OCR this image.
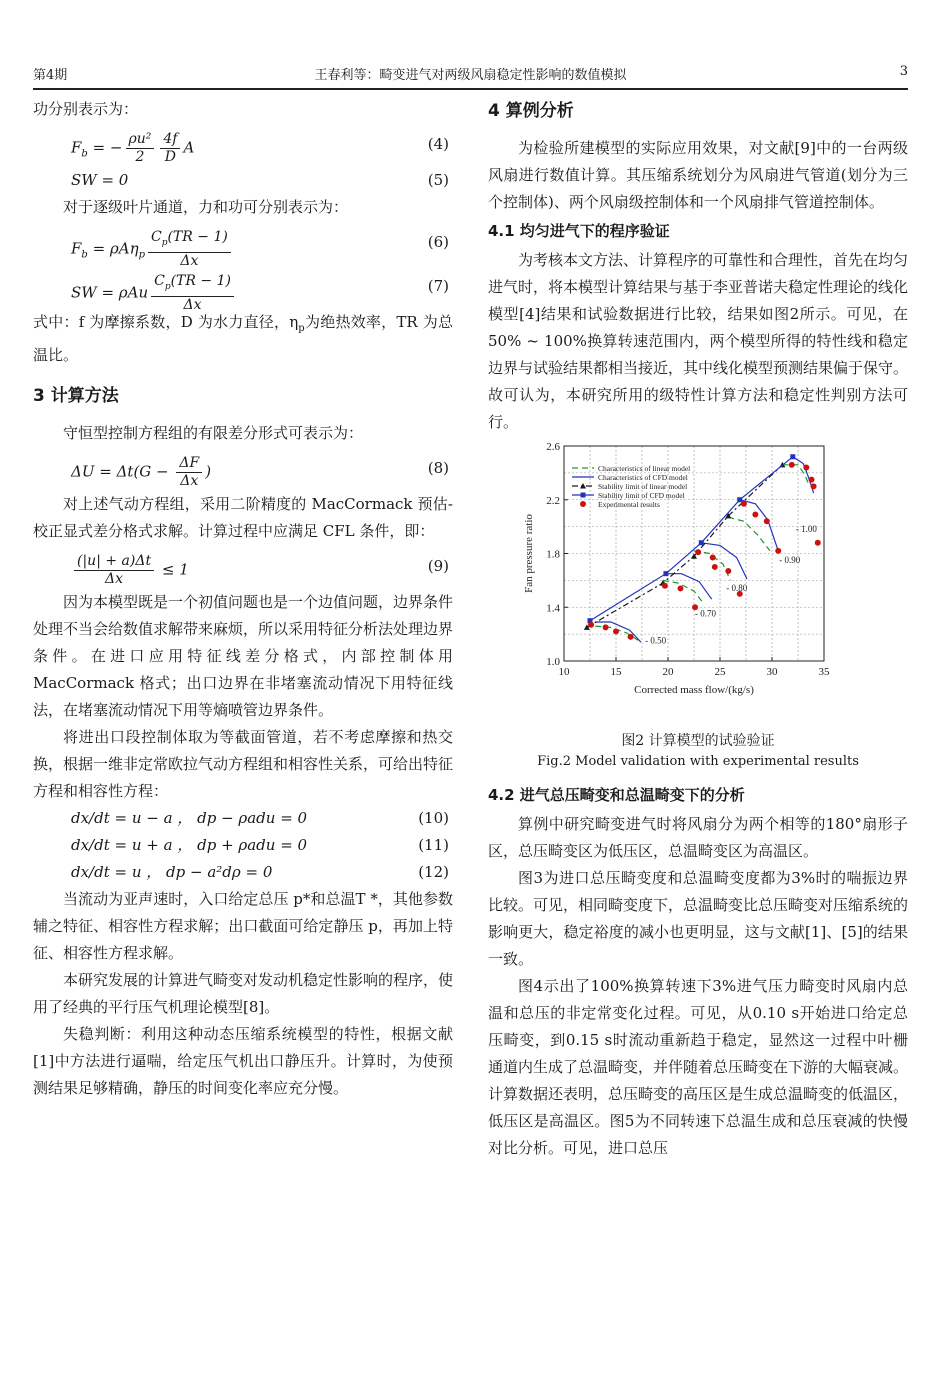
第4期	王春利等：畸变进气对两级风扇稳定性影响的数值模拟	3

功分别表示为：

$F_b$ = − $\frac{\text{ρu²}}{2} \frac{4f}{D}$ A	(4)
SW = 0	(5)

对于逐级叶片通道，力和功可分别表示为：

$F_b = \rho A\eta_p \frac{C_p(TR - 1)}{\Delta x}$	(6)
SW = ρAu $\frac{C_p(TR - 1)}{\Delta x}$	(7)

式中：f 为摩擦系数，D 为水力直径，$\eta_p$为绝热效率，TR 为总温比。

3 计算方法

守恒型控制方程组的有限差分形式可表示为：

$\Delta U = \Delta t(G - \frac{\Delta F}{\Delta x}$ )	(8)

对上述气动方程组，采用二阶精度的 MacCormack 预估-校正显式差分格式求解。计算过程中应满足 CFL 条件，即：

$\frac{(|u| + a)\Delta t}{\Delta x} \le 1$	(9)

因为本模型既是一个初值问题也是一个边值问题，边界条件处理不当会给数值求解带来麻烦，所以采用特征分析法处理边界条件。在进口应用特征线差分格式，内部控制体用 MacCormack 格式；出口边界在非堵塞流动情况下用特征线法，在堵塞流动情况下用等熵喷管边界条件。

将进出口段控制体取为等截面管道，若不考虑摩擦和热交换，根据一维非定常欧拉气动方程组和相容性关系，可给出特征方程和相容性方程：

dx/dt = u − a ， dp − ρadu = 0	(10)
dx/dt = u + a ， dp + ρadu = 0	(11)
dx/dt = u ， dp − a²dρ = 0	(12)

当流动为亚声速时，入口给定总压 p*和总温T *，其他参数辅之特征、相容性方程求解；出口截面可给定静压 p，再加上特征、相容性方程求解。

本研究发展的计算进气畸变对发动机稳定性影响的程序，使用了经典的平行压气机理论模型[8]。

失稳判断：利用这种动态压缩系统模型的特性，根据文献[1]中方法进行逼喘，给定压气机出口静压升。计算时，为使预测结果足够精确，静压的时间变化率应充分慢。

4 算例分析

为检验所建模型的实际应用效果，对文献[9]中的一台两级风扇进行数值计算。其压缩系统划分为风扇进气管道(划分为三个控制体)、两个风扇级控制体和一个风扇排气管道控制体。

4.1 均匀进气下的程序验证

为考核本文方法、计算程序的可靠性和合理性，首先在均匀进气时，将本模型计算结果与基于李亚普诺夫稳定性理论的线化模型[4]结果和试验数据进行比较，结果如图2所示。可见，在50% ~ 100%换算转速范围内，两个模型所得的特性线和稳定边界与试验结果都相当接近，其中线化模型预测结果偏于保守。故可认为，本研究所用的级特性计算方法和稳定性判别方法可行。

10	15	20	25	30	35
1.0
1.4
1.8
2.2
2.6
Corrected mass flow/(kg/s)
Fan pressure ratio
- 0.50
- 0.70
- 0.80
- 0.90
- 1.00
Characteristics of linear model
Characteristics of CFD model
Stability limit of linear model
Stability limit of CFD model
Experimental results
图2 计算模型的试验验证
Fig.2 Model validation with experimental results
4.2 进气总压畸变和总温畸变下的分析

算例中研究畸变进气时将风扇分为两个相等的180°扇形子区，总压畸变区为低压区，总温畸变区为高温区。

图3为进口总压畸变度和总温畸变度都为3%时的喘振边界比较。可见，相同畸变度下，总温畸变比总压畸变对压缩系统的影响更大，稳定裕度的减小也更明显，这与文献[1]、[5]的结果一致。

图4示出了100%换算转速下3%进气压力畸变时风扇内总温和总压的非定常变化过程。可见，从0.10 s开始进口给定总压畸变，到0.15 s时流动重新趋于稳定，显然这一过程中叶栅通道内生成了总温畸变，并伴随着总压畸变在下游的大幅衰减。计算数据还表明，总压畸变的高压区是生成总温畸变的低温区，低压区是高温区。图5为不同转速下总温生成和总压衰减的快慢对比分析。可见，进口总压
